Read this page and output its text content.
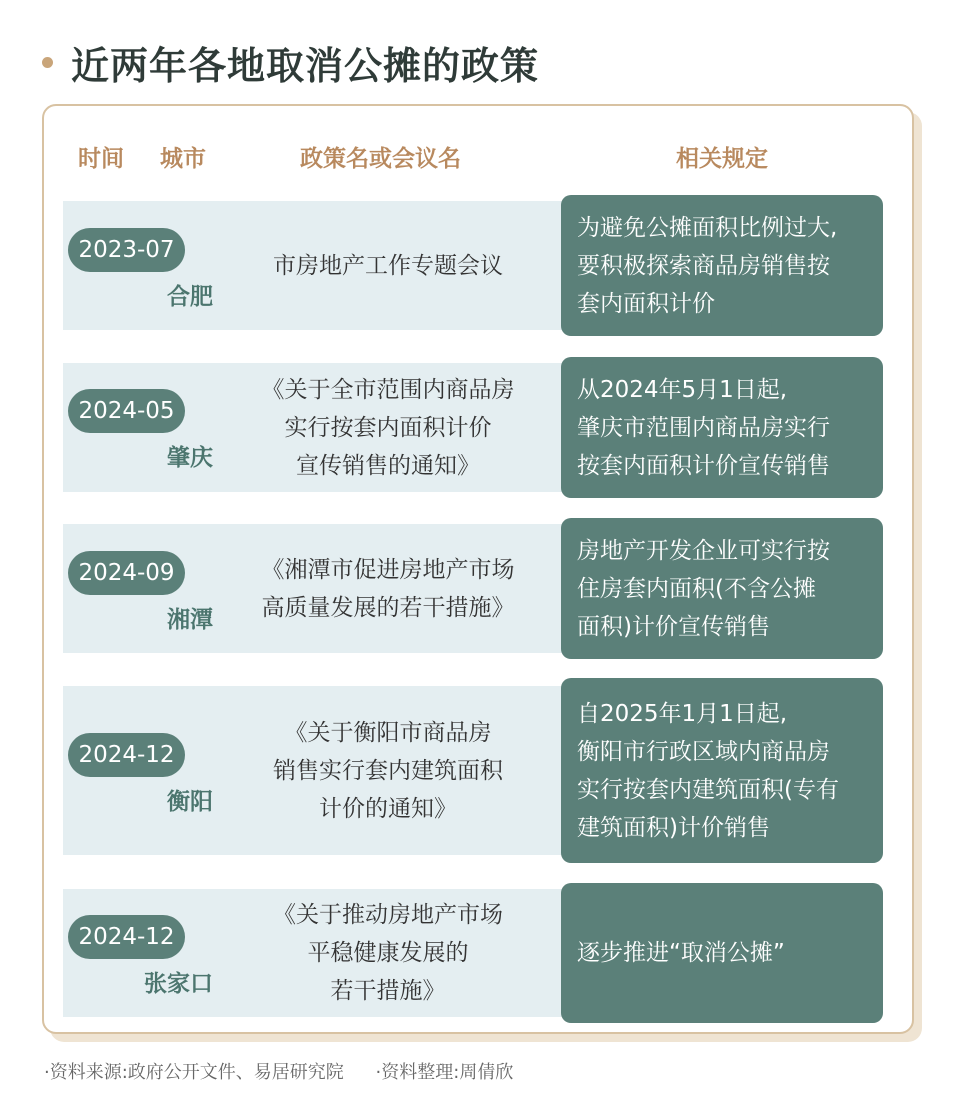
近两年各地取消公摊的政策
时间 城市	政策名或会议名	相关规定
2023-07
合肥
市房地产工作专题会议
为避免公摊面积比例过大,
要积极探索商品房销售按
套内面积计价
2024-05
肇庆
《关于全市范围内商品房
实行按套内面积计价
宣传销售的通知》
从2024年5月1日起,
肇庆市范围内商品房实行
按套内面积计价宣传销售
2024-09
湘潭
《湘潭市促进房地产市场
高质量发展的若干措施》
房地产开发企业可实行按
住房套内面积(不含公摊
面积)计价宣传销售
2024-12
衡阳
《关于衡阳市商品房
销售实行套内建筑面积
计价的通知》
自2025年1月1日起,
衡阳市行政区域内商品房
实行按套内建筑面积(专有
建筑面积)计价销售
2024-12
张家口
《关于推动房地产市场
平稳健康发展的
若干措施》
逐步推进“取消公摊”
·资料来源:政府公开文件、易居研究院 ·资料整理:周倩欣
